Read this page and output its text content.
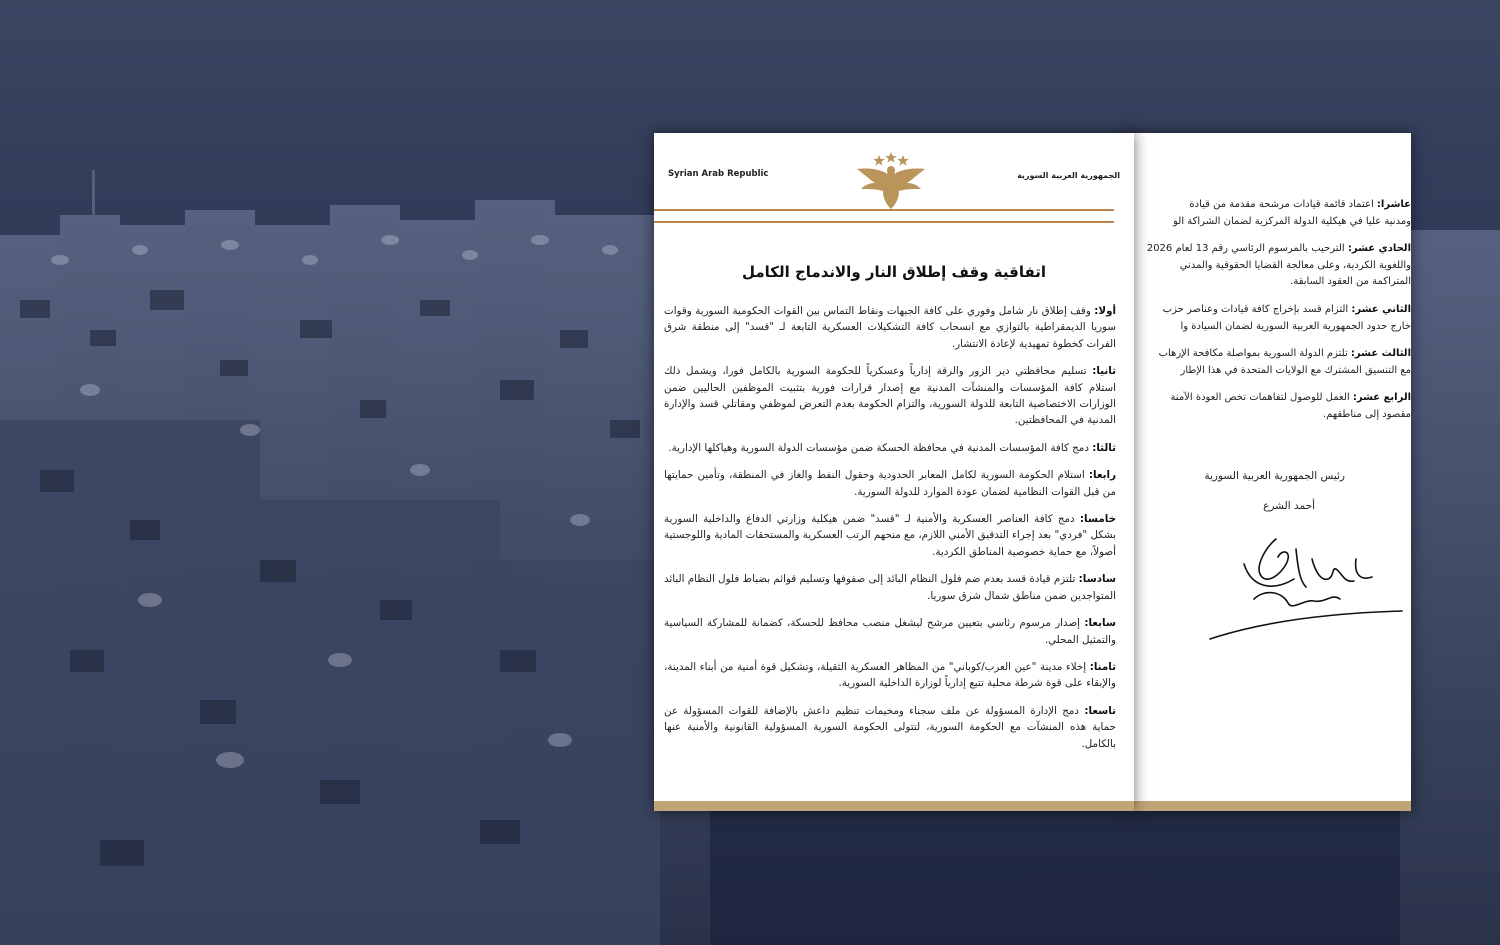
عاشرا: اعتماد قائمة قيادات مرشحة مقدمة من قيادة
ومدنية عليا في هيكلية الدولة المركزية لضمان الشراكة الو

الحادي عشر: الترحيب بالمرسوم الرئاسي رقم 13 لعام 2026
واللغوية الكردية، وعلى معالجة القضايا الحقوقية والمدني
المتراكمة من العقود السابقة.

الثاني عشر: التزام قسد بإخراج كافة قيادات وعناصر حزب
خارج حدود الجمهورية العربية السورية لضمان السيادة وا

الثالث عشر: تلتزم الدولة السورية بمواصلة مكافحة الإرهاب
مع التنسيق المشترك مع الولايات المتحدة في هذا الإطار

الرابع عشر: العمل للوصول لتفاهمات تخص العودة الآمنة
مقصود إلى مناطقهم.

رئيس الجمهورية العربية السورية
أحمد الشرع
Syrian Arab Republic	الجمهورية العربية السورية
اتفاقية وقف إطلاق النار والاندماج الكامل

أولا: وقف إطلاق نار شامل وفوري على كافة الجبهات ونقاط التماس بين القوات الحكومية السورية وقوات سوريا الديمقراطية بالتوازي مع انسحاب كافة التشكيلات العسكرية التابعة لـ "قسد" إلى منطقة شرق الفرات كخطوة تمهيدية لإعادة الانتشار.

ثانيا: تسليم محافظتي دير الزور والرقة إدارياً وعسكرياً للحكومة السورية بالكامل فورا، ويشمل ذلك استلام كافة المؤسسات والمنشآت المدنية مع إصدار قرارات فورية بتثبيت الموظفين الحاليين ضمن الوزارات الاختصاصية التابعة للدولة السورية، والتزام الحكومة بعدم التعرض لموظفي ومقاتلي قسد والإدارة المدنية في المحافظتين.

ثالثا: دمج كافة المؤسسات المدنية في محافظة الحسكة ضمن مؤسسات الدولة السورية وهياكلها الإدارية.

رابعا: استلام الحكومة السورية لكامل المعابر الحدودية وحقول النفط والغاز في المنطقة، وتأمين حمايتها من قبل القوات النظامية لضمان عودة الموارد للدولة السورية.

خامسا: دمج كافة العناصر العسكرية والأمنية لـ "قسد" ضمن هيكلية وزارتي الدفاع والداخلية السورية بشكل "فردي" بعد إجراء التدقيق الأمني اللازم، مع منحهم الرتب العسكرية والمستحقات المادية واللوجستية أصولاً، مع حماية خصوصية المناطق الكردية.

سادسا: تلتزم قيادة قسد بعدم ضم فلول النظام البائد إلى صفوفها وتسليم قوائم بضباط فلول النظام البائد المتواجدين ضمن مناطق شمال شرق سوريا.

سابعا: إصدار مرسوم رئاسي بتعيين مرشح ليشغل منصب محافظ للحسكة، كضمانة للمشاركة السياسية والتمثيل المحلي.

ثامنا: إخلاء مدينة "عين العرب/كوباني" من المظاهر العسكرية الثقيلة، وتشكيل قوة أمنية من أبناء المدينة، والإبقاء على قوة شرطة محلية تتبع إدارياً لوزارة الداخلية السورية.

تاسعا: دمج الإدارة المسؤولة عن ملف سجناء ومخيمات تنظيم داعش بالإضافة للقوات المسؤولة عن حماية هذه المنشآت مع الحكومة السورية، لتتولى الحكومة السورية المسؤولية القانونية والأمنية عنها بالكامل.
